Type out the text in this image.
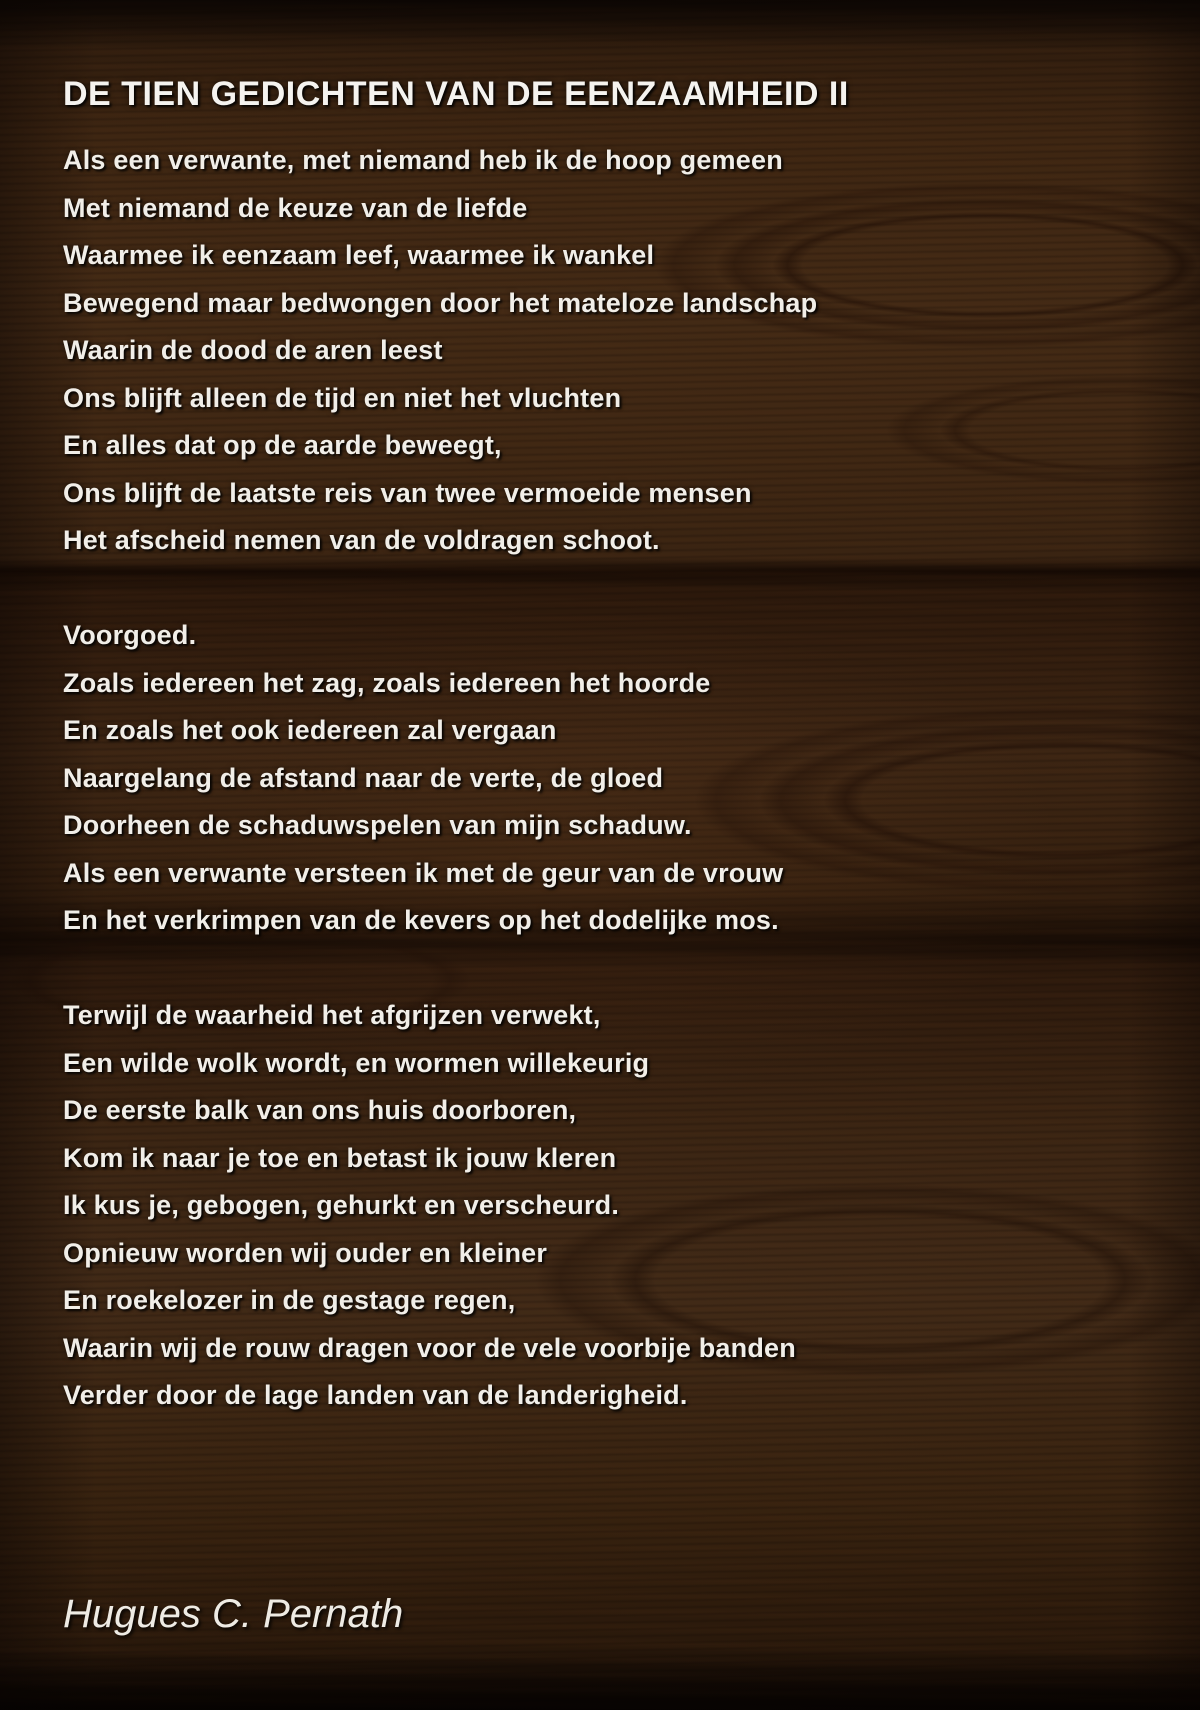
DE TIEN GEDICHTEN VAN DE EENZAAMHEID II

Als een verwante, met niemand heb ik de hoop gemeen

Met niemand de keuze van de liefde

Waarmee ik eenzaam leef, waarmee ik wankel

Bewegend maar bedwongen door het mateloze landschap

Waarin de dood de aren leest

Ons blijft alleen de tijd en niet het vluchten

En alles dat op de aarde beweegt,

Ons blijft de laatste reis van twee vermoeide mensen

Het afscheid nemen van de voldragen schoot.

Voorgoed.

Zoals iedereen het zag, zoals iedereen het hoorde

En zoals het ook iedereen zal vergaan

Naargelang de afstand naar de verte, de gloed

Doorheen de schaduwspelen van mijn schaduw.

Als een verwante versteen ik met de geur van de vrouw

En het verkrimpen van de kevers op het dodelijke mos.

Terwijl de waarheid het afgrijzen verwekt,

Een wilde wolk wordt, en wormen willekeurig

De eerste balk van ons huis doorboren,

Kom ik naar je toe en betast ik jouw kleren

Ik kus je, gebogen, gehurkt en verscheurd.

Opnieuw worden wij ouder en kleiner

En roekelozer in de gestage regen,

Waarin wij de rouw dragen voor de vele voorbije banden

Verder door de lage landen van de landerigheid.

Hugues C. Pernath
